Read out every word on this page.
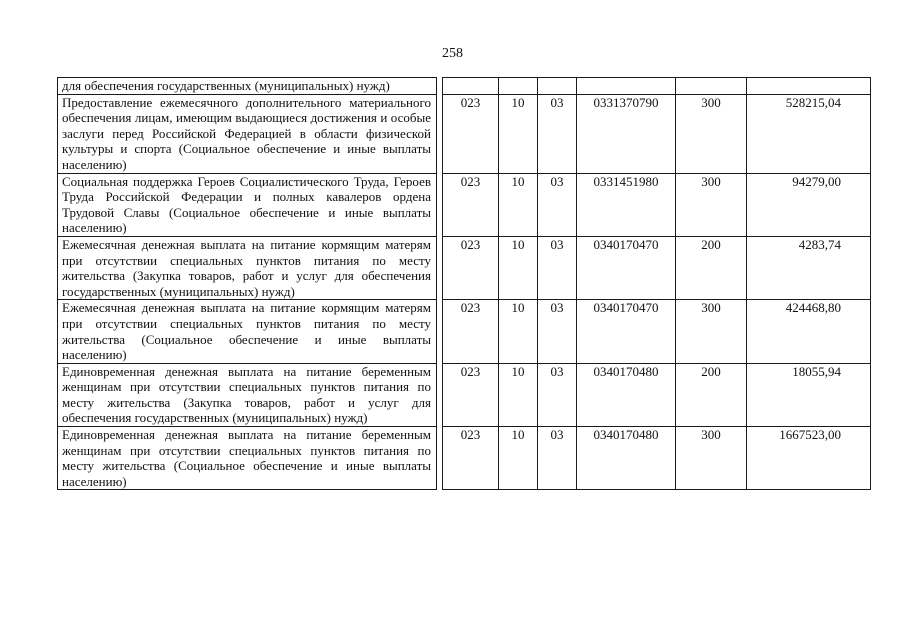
258
для обеспечения государственных (муниципальных) нужд)							
Предоставление ежемесячного дополнительного материального обеспечения лицам, имеющим выдающиеся достижения и особые заслуги перед Российской Федерацией в области физической культуры и спорта (Социальное обеспечение и иные выплаты населению)		023	10	03	0331370790	300	528215,04
Социальная поддержка Героев Социалистического Труда, Героев Труда Российской Федерации и полных кавалеров ордена Трудовой Славы (Социальное обеспечение и иные выплаты населению)		023	10	03	0331451980	300	94279,00
Ежемесячная денежная выплата на питание кормящим матерям при отсутствии специальных пунктов питания по месту жительства (Закупка товаров, работ и услуг для обеспечения государственных (муниципальных) нужд)		023	10	03	0340170470	200	4283,74
Ежемесячная денежная выплата на питание кормящим матерям при отсутствии специальных пунктов питания по месту жительства (Социальное обеспечение и иные выплаты населению)		023	10	03	0340170470	300	424468,80
Единовременная денежная выплата на питание беременным женщинам при отсутствии специальных пунктов питания по месту жительства (Закупка товаров, работ и услуг для обеспечения государственных (муниципальных) нужд)		023	10	03	0340170480	200	18055,94
Единовременная денежная выплата на питание беременным женщинам при отсутствии специальных пунктов питания по месту жительства (Социальное обеспечение и иные выплаты населению)		023	10	03	0340170480	300	1667523,00
